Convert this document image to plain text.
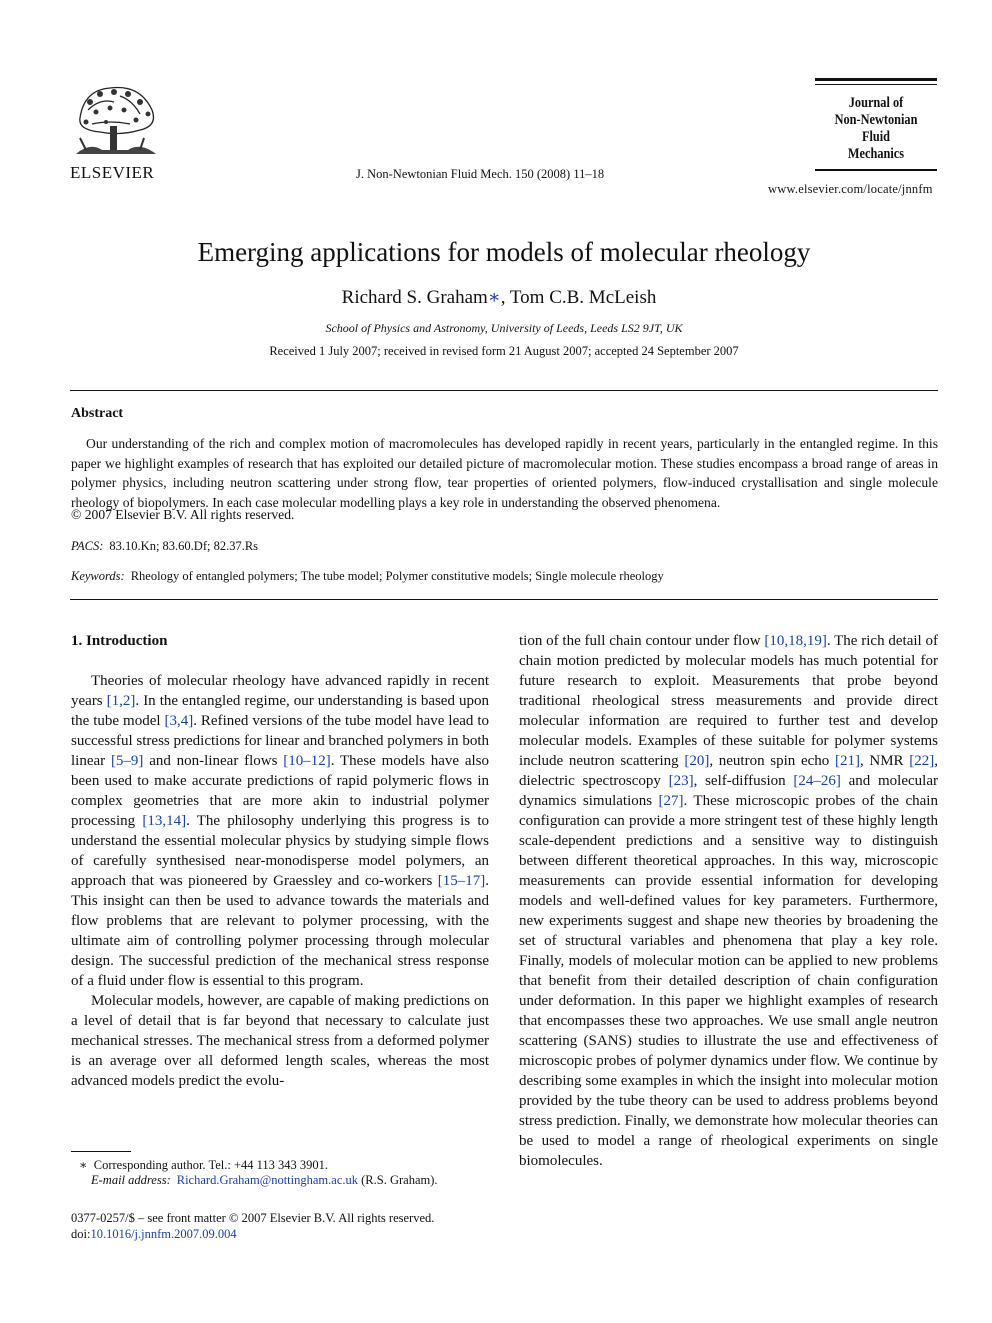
ELSEVIER	J. Non-Newtonian Fluid Mech. 150 (2008) 11–18
Journal of
Non-Newtonian
Fluid
Mechanics
www.elsevier.com/locate/jnnfm
Emerging applications for models of molecular rheology
Richard S. Graham∗, Tom C.B. McLeish
School of Physics and Astronomy, University of Leeds, Leeds LS2 9JT, UK
Received 1 July 2007; received in revised form 21 August 2007; accepted 24 September 2007
Abstract
Our understanding of the rich and complex motion of macromolecules has developed rapidly in recent years, particularly in the entangled regime. In this paper we highlight examples of research that has exploited our detailed picture of macromolecular motion. These studies encompass a broad range of areas in polymer physics, including neutron scattering under strong flow, tear properties of oriented polymers, flow-induced crystallisation and single molecule rheology of biopolymers. In each case molecular modelling plays a key role in understanding the observed phenomena.
© 2007 Elsevier B.V. All rights reserved.
PACS: 83.10.Kn; 83.60.Df; 82.37.Rs
Keywords: Rheology of entangled polymers; The tube model; Polymer constitutive models; Single molecule rheology
1. Introduction

Theories of molecular rheology have advanced rapidly in recent years [1,2]. In the entangled regime, our understanding is based upon the tube model [3,4]. Refined versions of the tube model have lead to successful stress predictions for linear and branched polymers in both linear [5–9] and non-linear flows [10–12]. These models have also been used to make accurate predictions of rapid polymeric flows in complex geometries that are more akin to industrial polymer processing [13,14]. The philosophy underlying this progress is to understand the essential molecular physics by studying simple flows of carefully synthesised near-monodisperse model polymers, an approach that was pioneered by Graessley and co-workers [15–17]. This insight can then be used to advance towards the materials and flow problems that are relevant to polymer processing, with the ultimate aim of controlling polymer processing through molecular design. The successful prediction of the mechanical stress response of a fluid under flow is essential to this program.

Molecular models, however, are capable of making predictions on a level of detail that is far beyond that necessary to calculate just mechanical stresses. The mechanical stress from a deformed polymer is an average over all deformed length scales, whereas the most advanced models predict the evolu-

tion of the full chain contour under flow [10,18,19]. The rich detail of chain motion predicted by molecular models has much potential for future research to exploit. Measurements that probe beyond traditional rheological stress measurements and provide direct molecular information are required to further test and develop molecular models. Examples of these suitable for polymer systems include neutron scattering [20], neutron spin echo [21], NMR [22], dielectric spectroscopy [23], self-diffusion [24–26] and molecular dynamics simulations [27]. These microscopic probes of the chain configuration can provide a more stringent test of these highly length scale-dependent predictions and a sensitive way to distinguish between different theoretical approaches. In this way, microscopic measurements can provide essential information for developing models and well-defined values for key parameters. Furthermore, new experiments suggest and shape new theories by broadening the set of structural variables and phenomena that play a key role. Finally, models of molecular motion can be applied to new problems that benefit from their detailed description of chain configuration under deformation. In this paper we highlight examples of research that encompasses these two approaches. We use small angle neutron scattering (SANS) studies to illustrate the use and effectiveness of microscopic probes of polymer dynamics under flow. We continue by describing some examples in which the insight into molecular motion provided by the tube theory can be used to address problems beyond stress prediction. Finally, we demonstrate how molecular theories can be used to model a range of rheological experiments on single biomolecules.

∗ Corresponding author. Tel.: +44 113 343 3901.
E-mail address: Richard.Graham@nottingham.ac.uk (R.S. Graham).
0377-0257/$ – see front matter © 2007 Elsevier B.V. All rights reserved.
doi:10.1016/j.jnnfm.2007.09.004
